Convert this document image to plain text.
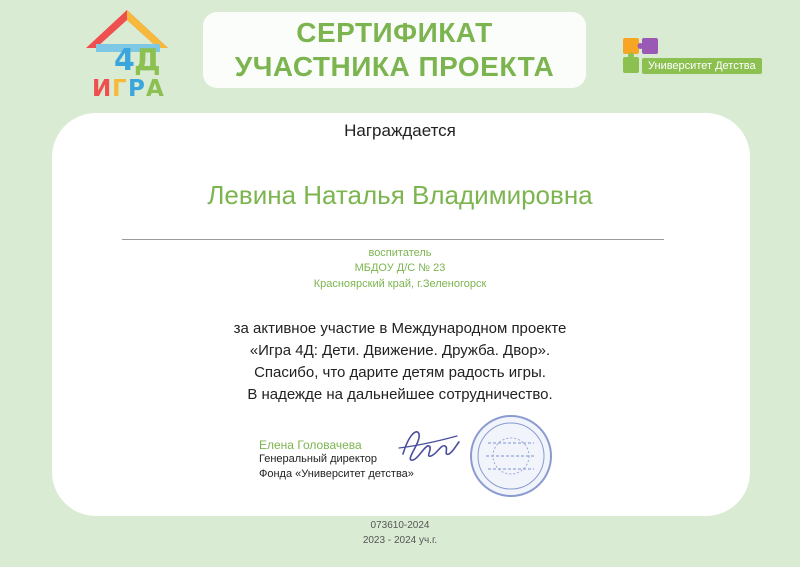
4 Д
И Г Р А
СЕРТИФИКАТ
УЧАСТНИКА ПРОЕКТА	Университет Детства
Награждается
Левина Наталья Владимировна
воспитатель
МБДОУ Д/С № 23
Красноярский край, г.Зеленогорск
за активное участие в Международном проекте
«Игра 4Д: Дети. Движение. Дружба. Двор».
Спасибо, что дарите детям радость игры.
В надежде на дальнейшее сотрудничество.
Елена Головачева
Генеральный директор
Фонда «Университет детства»
073610-2024
2023 - 2024 уч.г.
